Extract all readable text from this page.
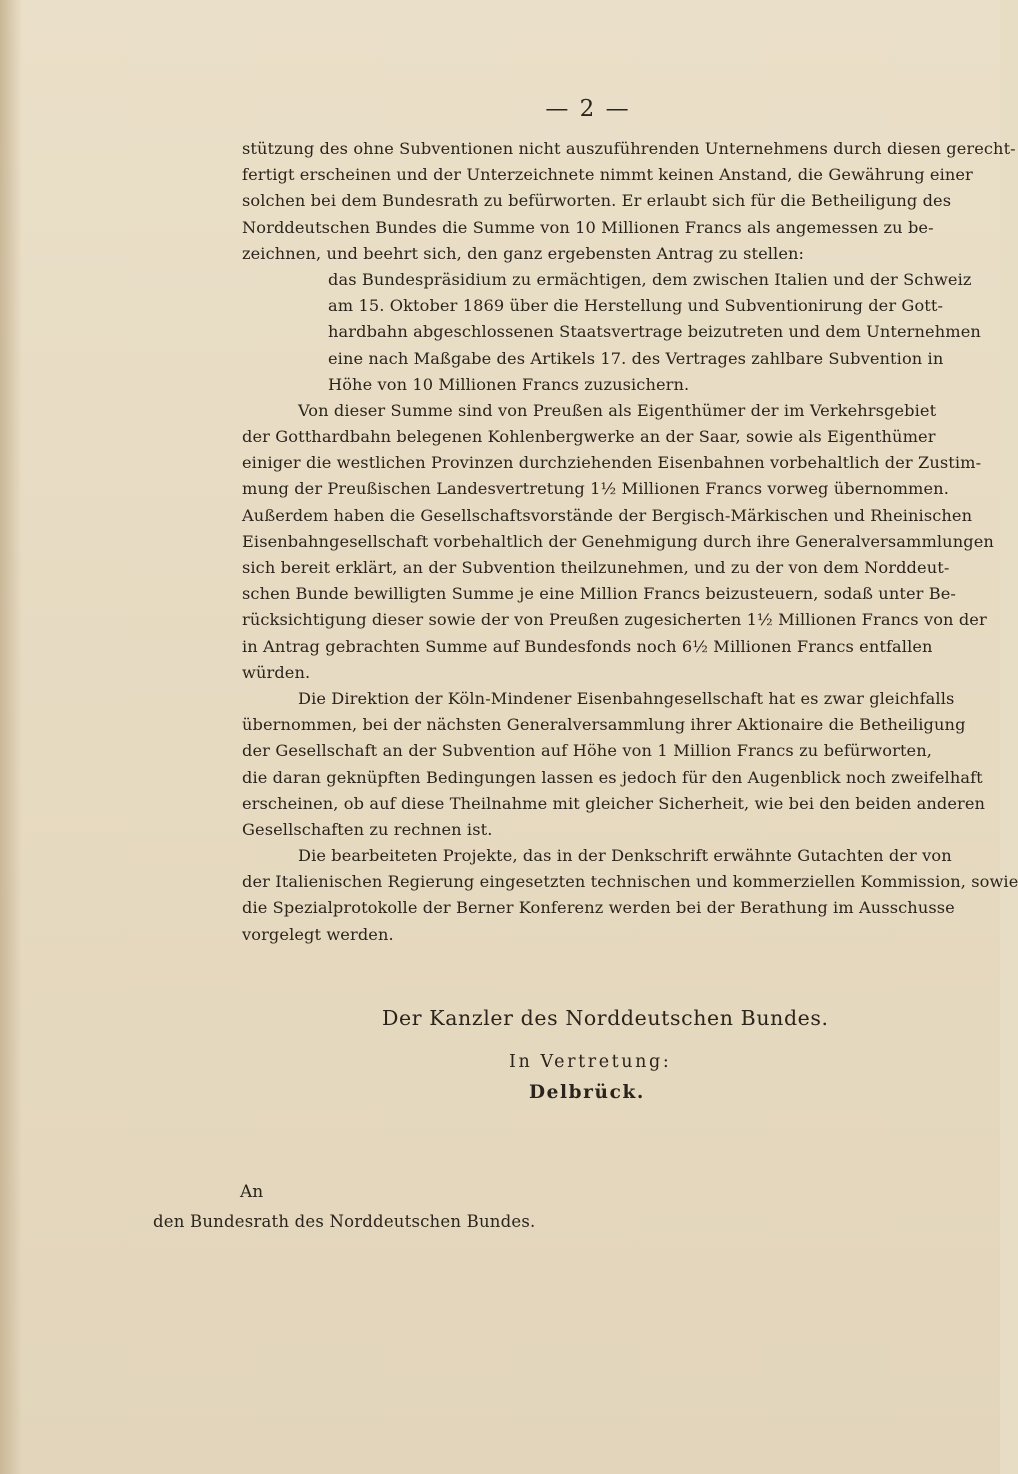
— 2 —
stützung des ohne Subventionen nicht auszuführenden Unternehmens durch diesen gerecht-
fertigt erscheinen und der Unterzeichnete nimmt keinen Anstand, die Gewährung einer
solchen bei dem Bundesrath zu befürworten. Er erlaubt sich für die Betheiligung des
Norddeutschen Bundes die Summe von 10 Millionen Francs als angemessen zu be-
zeichnen, und beehrt sich, den ganz ergebensten Antrag zu stellen:
das Bundespräsidium zu ermächtigen, dem zwischen Italien und der Schweiz
am 15. Oktober 1869 über die Herstellung und Subventionirung der Gott-
hardbahn abgeschlossenen Staatsvertrage beizutreten und dem Unternehmen
eine nach Maßgabe des Artikels 17. des Vertrages zahlbare Subvention in
Höhe von 10 Millionen Francs zuzusichern.
Von dieser Summe sind von Preußen als Eigenthümer der im Verkehrsgebiet
der Gotthardbahn belegenen Kohlenbergwerke an der Saar, sowie als Eigenthümer
einiger die westlichen Provinzen durchziehenden Eisenbahnen vorbehaltlich der Zustim-
mung der Preußischen Landesvertretung 1½ Millionen Francs vorweg übernommen.
Außerdem haben die Gesellschaftsvorstände der Bergisch-Märkischen und Rheinischen
Eisenbahngesellschaft vorbehaltlich der Genehmigung durch ihre Generalversammlungen
sich bereit erklärt, an der Subvention theilzunehmen, und zu der von dem Norddeut-
schen Bunde bewilligten Summe je eine Million Francs beizusteuern, sodaß unter Be-
rücksichtigung dieser sowie der von Preußen zugesicherten 1½ Millionen Francs von der
in Antrag gebrachten Summe auf Bundesfonds noch 6½ Millionen Francs entfallen
würden.
Die Direktion der Köln-Mindener Eisenbahngesellschaft hat es zwar gleichfalls
übernommen, bei der nächsten Generalversammlung ihrer Aktionaire die Betheiligung
der Gesellschaft an der Subvention auf Höhe von 1 Million Francs zu befürworten,
die daran geknüpften Bedingungen lassen es jedoch für den Augenblick noch zweifelhaft
erscheinen, ob auf diese Theilnahme mit gleicher Sicherheit, wie bei den beiden anderen
Gesellschaften zu rechnen ist.
Die bearbeiteten Projekte, das in der Denkschrift erwähnte Gutachten der von
der Italienischen Regierung eingesetzten technischen und kommerziellen Kommission, sowie
die Spezialprotokolle der Berner Konferenz werden bei der Berathung im Ausschusse
vorgelegt werden.
Der Kanzler des Norddeutschen Bundes.
In Vertretung:
Delbrück.
An
den Bundesrath des Norddeutschen Bundes.
